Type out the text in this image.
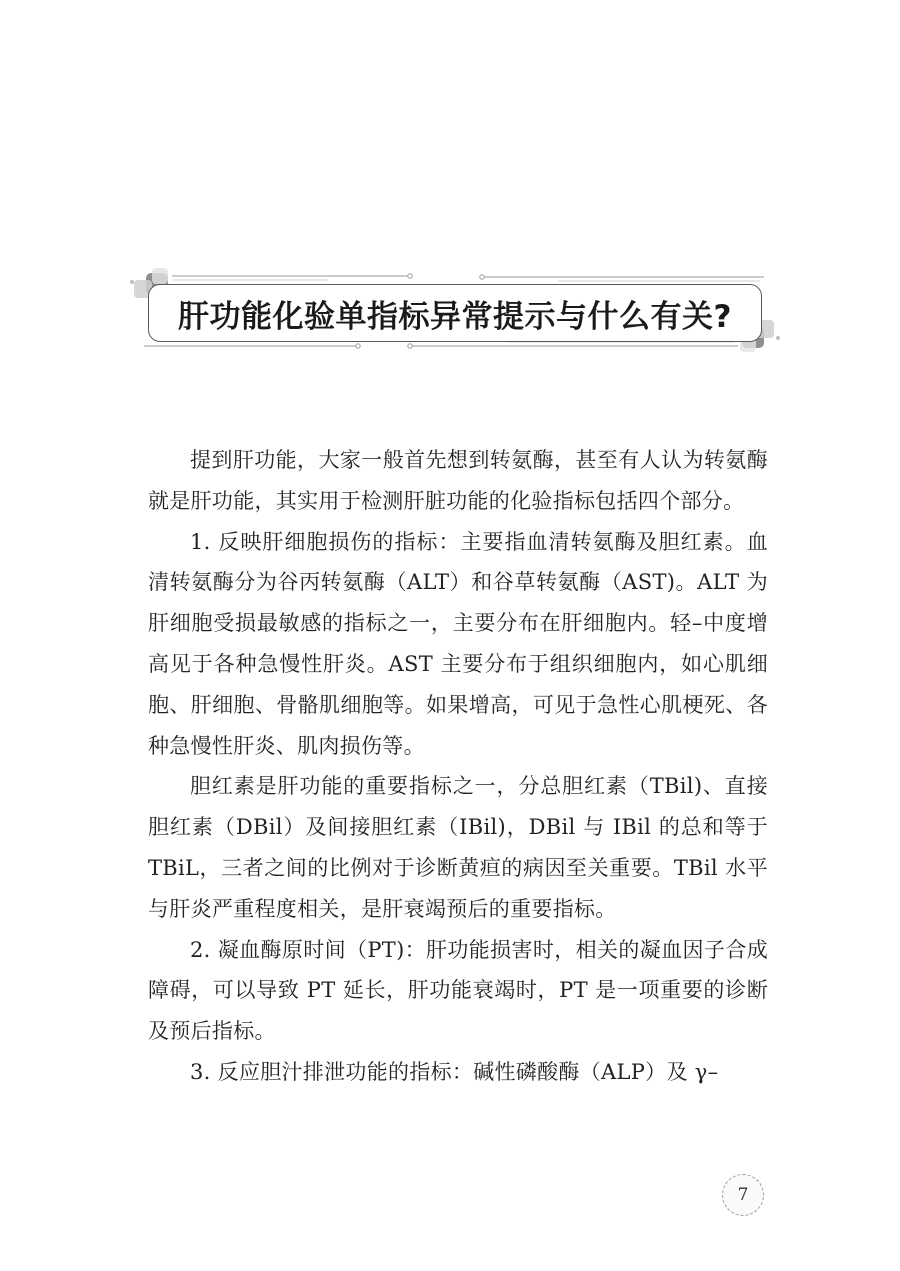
肝功能化验单指标异常提示与什么有关?

提到肝功能，大家一般首先想到转氨酶，甚至有人认为转氨酶就是肝功能，其实用于检测肝脏功能的化验指标包括四个部分。

1. 反映肝细胞损伤的指标：主要指血清转氨酶及胆红素。血清转氨酶分为谷丙转氨酶（ALT）和谷草转氨酶（AST)。ALT 为肝细胞受损最敏感的指标之一，主要分布在肝细胞内。轻–中度增高见于各种急慢性肝炎。AST 主要分布于组织细胞内，如心肌细胞、肝细胞、骨骼肌细胞等。如果增高，可见于急性心肌梗死、各种急慢性肝炎、肌肉损伤等。

胆红素是肝功能的重要指标之一，分总胆红素（TBil)、直接胆红素（DBil）及间接胆红素（IBil)，DBil 与 IBil 的总和等于 TBiL，三者之间的比例对于诊断黄疸的病因至关重要。TBil 水平与肝炎严重程度相关，是肝衰竭预后的重要指标。

2. 凝血酶原时间（PT)：肝功能损害时，相关的凝血因子合成障碍，可以导致 PT 延长，肝功能衰竭时，PT 是一项重要的诊断及预后指标。

3. 反应胆汁排泄功能的指标：碱性磷酸酶（ALP）及 γ–

7
